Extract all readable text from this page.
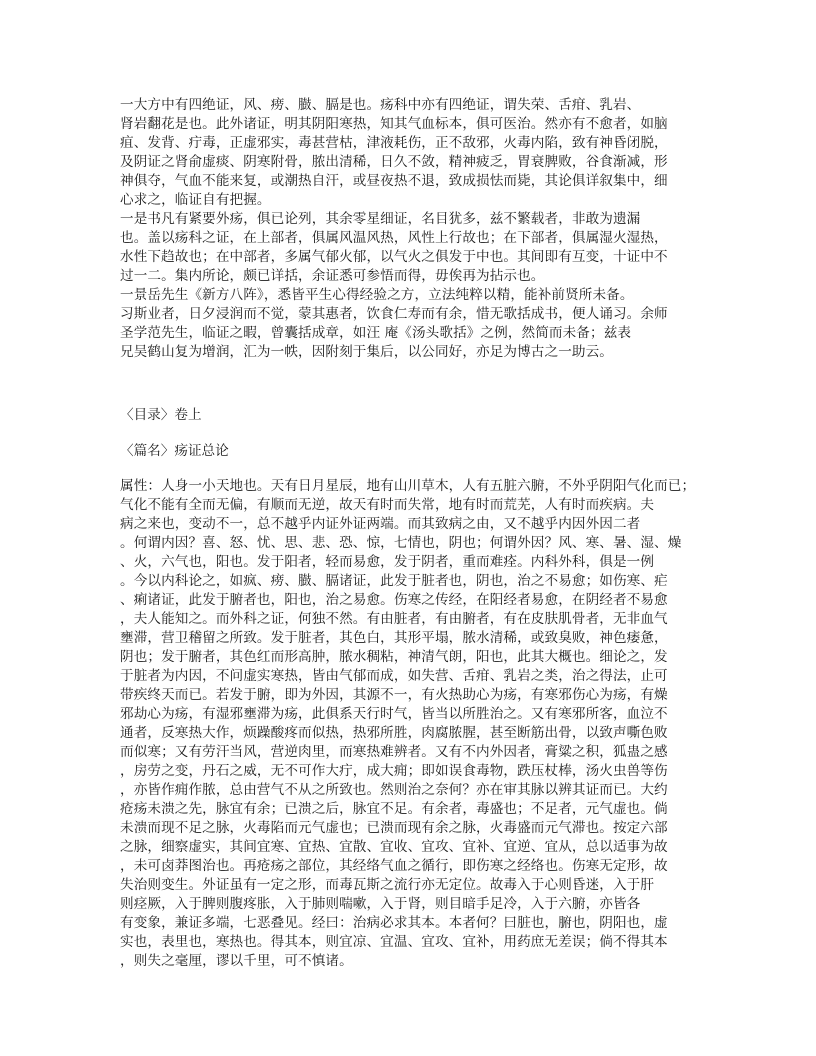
一大方中有四绝证，风、痨、臌、膈是也。疡科中亦有四绝证，谓失荣、舌疳、乳岩、
肾岩翻花是也。此外诸证，明其阴阳寒热，知其气血标本，俱可医治。然亦有不愈者，如脑
疽、发背、疔毒，正虚邪实，毒甚营枯，津液耗伤，正不敌邪，火毒内陷，致有神昏闭脱，
及阴证之肾俞虚痰、阴寒附骨，脓出清稀，日久不敛，精神疲乏，胃衰脾败，谷食渐减，形
神俱夺，气血不能来复，或潮热自汗，或昼夜热不退，致成损怯而毙，其论俱详叙集中，细
心求之，临证自有把握。
一是书凡有紧要外疡，俱已论列，其余零星细证，名目犹多，兹不繁载者，非敢为遗漏
也。盖以疡科之证，在上部者，俱属风温风热，风性上行故也；在下部者，俱属湿火湿热，
水性下趋故也；在中部者，多属气郁火郁，以气火之俱发于中也。其间即有互变，十证中不
过一二。集内所论，颇已详括，余证悉可参悟而得，毋俟再为拈示也。
一景岳先生《新方八阵》，悉皆平生心得经验之方，立法纯粹以精，能补前贤所未备。
习斯业者，日夕浸润而不觉，蒙其惠者，饮食仁寿而有余，惜无歌括成书，便人诵习。余师
圣学范先生，临证之暇，曾囊括成章，如汪 庵《汤头歌括》之例，然简而未备；兹表
兄吴鹤山复为增润，汇为一帙，因附刻于集后，以公同好，亦足为博古之一助云。
〈目录〉卷上
〈篇名〉疡证总论
属性：人身一小天地也。天有日月星辰，地有山川草木，人有五脏六腑，不外乎阴阳气化而已；
气化不能有全而无偏，有顺而无逆，故天有时而失常，地有时而荒芜，人有时而疾病。夫
病之来也，变动不一，总不越乎内证外证两端。而其致病之由，又不越乎内因外因二者
。何谓内因？喜、怒、忧、思、悲、恐、惊，七情也，阴也；何谓外因？风、寒、暑、湿、燥
、火，六气也，阳也。发于阳者，轻而易愈，发于阴者，重而难痊。内科外科，俱是一例
。今以内科论之，如疯、痨、臌、膈诸证，此发于脏者也，阴也，治之不易愈；如伤寒、疟
、痢诸证，此发于腑者也，阳也，治之易愈。伤寒之传经，在阳经者易愈，在阴经者不易愈
，夫人能知之。而外科之证，何独不然。有由脏者，有由腑者，有在皮肤肌骨者，无非血气
壅滞，营卫稽留之所致。发于脏者，其色白，其形平塌，脓水清稀，或致臭败，神色痿惫，
阴也；发于腑者，其色红而形高肿，脓水稠粘，神清气朗，阳也，此其大概也。细论之，发
于脏者为内因，不问虚实寒热，皆由气郁而成，如失营、舌疳、乳岩之类，治之得法，止可
带疾终天而已。若发于腑，即为外因，其源不一，有火热助心为疡，有寒邪伤心为疡，有燥
邪劫心为疡，有湿邪壅滞为疡，此俱系天行时气，皆当以所胜治之。又有寒邪所客，血泣不
通者，反寒热大作，烦躁酸疼而似热，热邪所胜，肉腐脓腥，甚至断筋出骨，以致声嘶色败
而似寒；又有劳汗当风，营逆肉里，而寒热难辨者。又有不内外因者，膏粱之积，狐蛊之感
，房劳之变，丹石之威，无不可作大疔，成大痈；即如误食毒物，跌压杖棒，汤火虫兽等伤
，亦皆作痈作脓，总由营气不从之所致也。然则治之奈何？亦在审其脉以辨其证而已。大约
疮疡未溃之先，脉宜有余；已溃之后，脉宜不足。有余者，毒盛也；不足者，元气虚也。倘
未溃而现不足之脉，火毒陷而元气虚也；已溃而现有余之脉，火毒盛而元气滞也。按定六部
之脉，细察虚实，其间宜寒、宜热、宜散、宜收、宜攻、宜补、宜逆、宜从，总以适事为故
，未可卤莽图治也。再疮疡之部位，其经络气血之循行，即伤寒之经络也。伤寒无定形，故
失治则变生。外证虽有一定之形，而毒瓦斯之流行亦无定位。故毒入于心则昏迷，入于肝
则痉厥，入于脾则腹疼胀，入于肺则喘嗽，入于肾，则目暗手足冷，入于六腑，亦皆各
有变象，兼证多端，七恶叠见。经曰：治病必求其本。本者何？曰脏也，腑也，阴阳也，虚
实也，表里也，寒热也。得其本，则宜凉、宜温、宜攻、宜补，用药庶无差误；倘不得其本
，则失之毫厘，谬以千里，可不慎诸。
